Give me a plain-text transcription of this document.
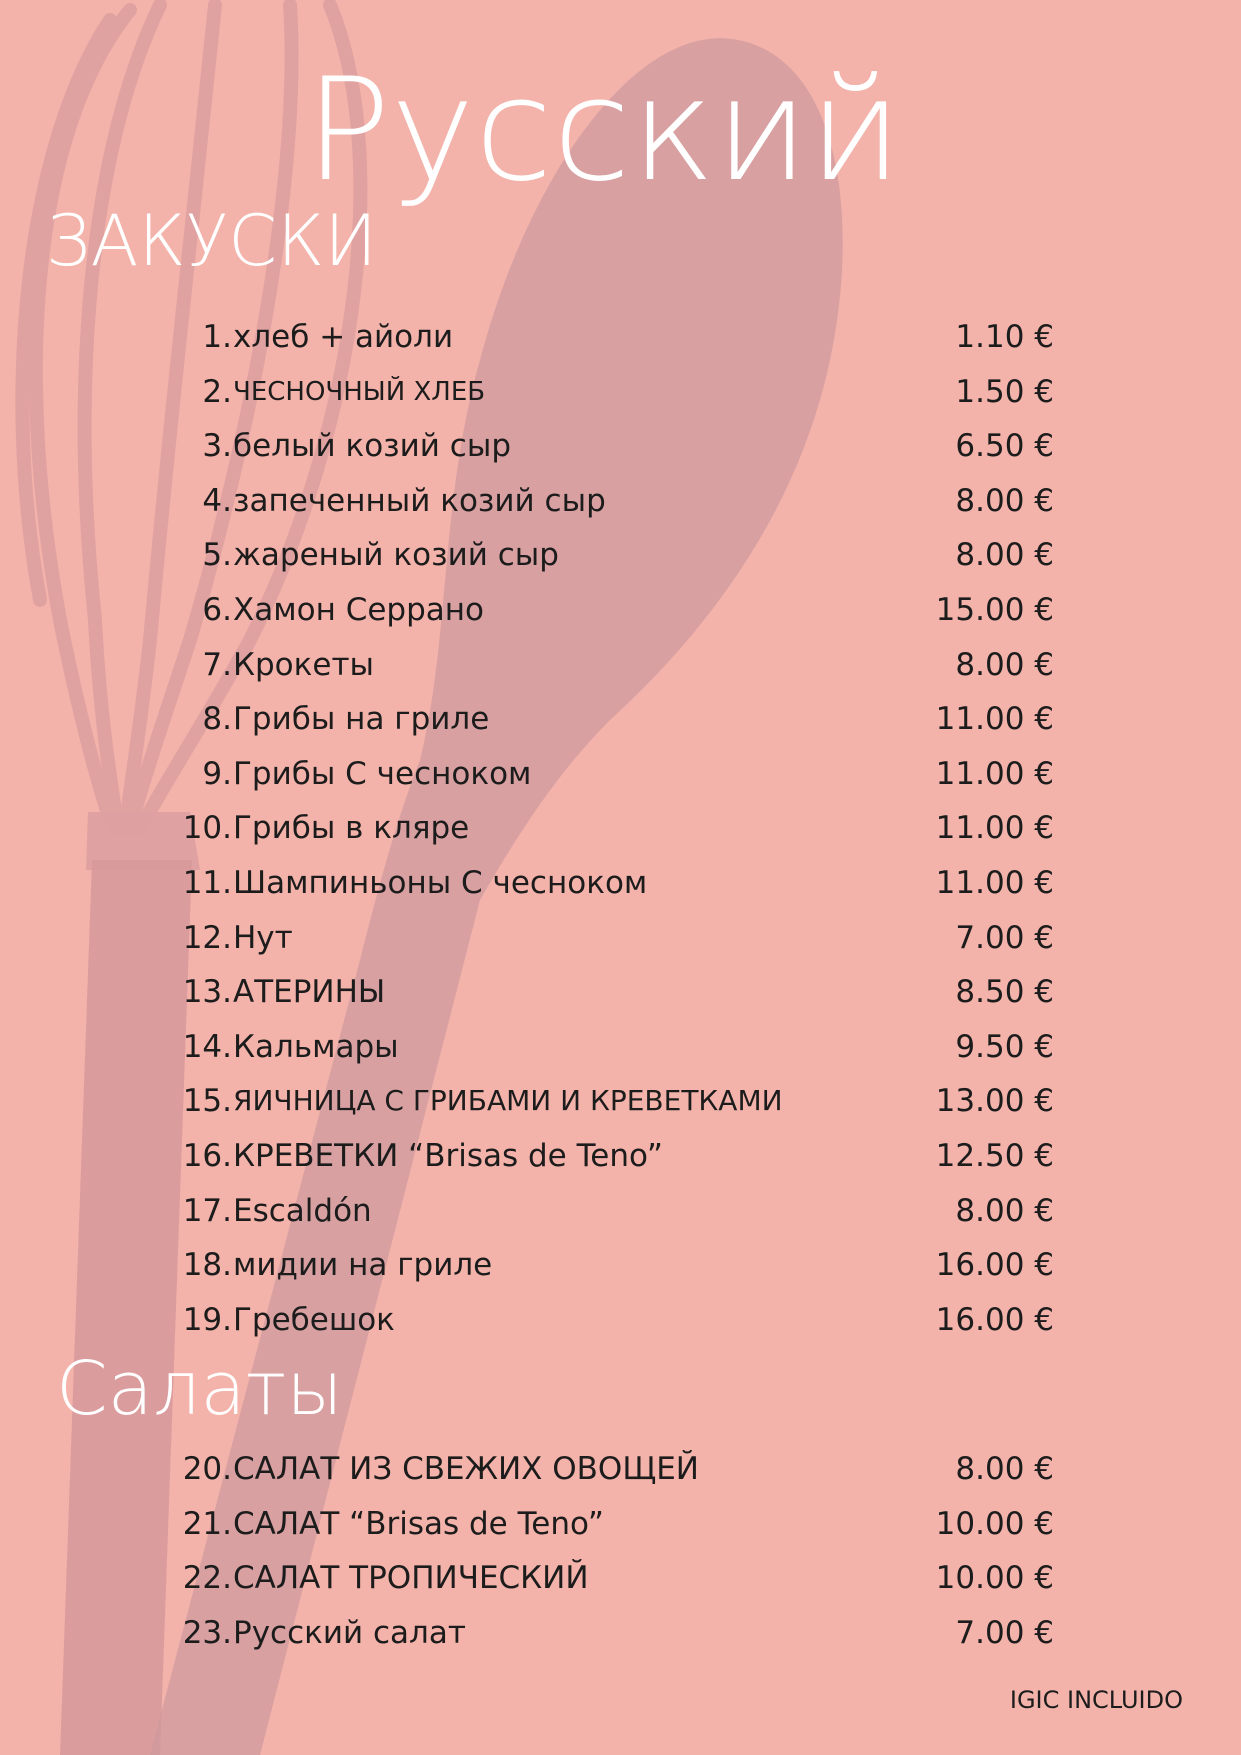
Русский
ЗАКУСКИ
1. хлеб + айоли	1.10 €
2. ЧЕСНОЧНЫЙ ХЛЕБ	1.50 €
3. белый козий сыр	6.50 €
4. запеченный козий сыр	8.00 €
5. жареный козий сыр	8.00 €
6. Хамон Серрано	15.00 €
7. Крокеты	8.00 €
8. Грибы на гриле	11.00 €
9. Грибы С чесноком	11.00 €
10. Грибы в кляре	11.00 €
11. Шампиньоны С чесноком	11.00 €
12. Нут	7.00 €
13. АТЕРИНЫ	8.50 €
14. Кальмары	9.50 €
15. ЯИЧНИЦА С ГРИБАМИ И КРЕВЕТКАМИ	13.00 €
16. КРЕВЕТКИ “Brisas de Teno”	12.50 €
17. Escaldón	8.00 €
18. мидии на гриле	16.00 €
19. Гребешок	16.00 €
Салаты
20. САЛАТ ИЗ СВЕЖИХ ОВОЩЕЙ	8.00 €
21. САЛАТ “Brisas de Teno”	10.00 €
22. САЛАТ ТРОПИЧЕСКИЙ	10.00 €
23. Русский салат	7.00 €

IGIC INCLUIDO
